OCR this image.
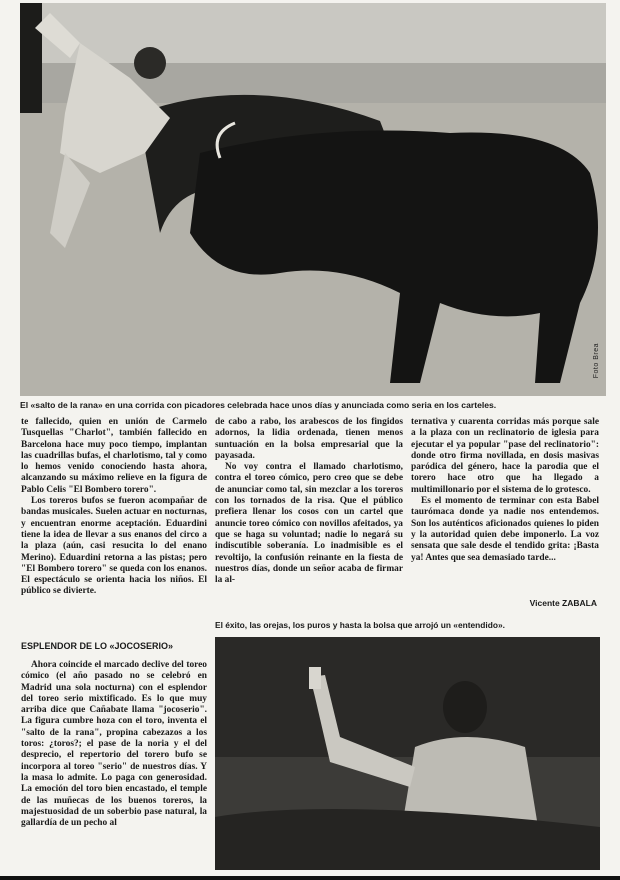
Foto Brea
El «salto de la rana» en una corrida con picadores celebrada hace unos días y anunciada como seria en los carteles.

te fallecido, quien en unión de Carmelo Tusquellas "Charlot", también fallecido en Barcelona hace muy poco tiempo, implantan las cuadrillas bufas, el charlotismo, tal y como lo hemos venido conociendo hasta ahora, alcanzando su máximo relieve en la figura de Pablo Celis "El Bombero torero".

Los toreros bufos se fueron acompañar de bandas musicales. Suelen actuar en nocturnas, y encuentran enorme aceptación. Eduardini tiene la idea de llevar a sus enanos del circo a la plaza (aún, casi resucita lo del enano Merino). Eduardini retorna a las pistas; pero "El Bombero torero" se queda con los enanos. El espectáculo se orienta hacia los niños. El público se divierte.

de cabo a rabo, los arabescos de los fingidos adornos, la lidia ordenada, tienen menos suntuación en la bolsa empresarial que la payasada.

No voy contra el llamado charlotismo, contra el toreo cómico, pero creo que se debe de anunciar como tal, sin mezclar a los toreros con los tornados de la risa. Que el público prefiera llenar los cosos con un cartel que anuncie toreo cómico con novillos afeitados, ya que se haga su voluntad; nadie lo negará su indiscutible soberanía. Lo inadmisible es el revoltijo, la confusión reinante en la fiesta de nuestros días, donde un señor acaba de firmar la al-

ternativa y cuarenta corridas más porque sale a la plaza con un reclinatorio de iglesia para ejecutar el ya popular "pase del reclinatorio": donde otro firma novillada, en dosis masivas paródica del género, hace la parodia que el torero hace otro que ha llegado a multimillonario por el sistema de lo grotesco.

Es el momento de terminar con esta Babel taurómaca donde ya nadie nos entendemos. Son los auténticos aficionados quienes lo piden y la autoridad quien debe imponerlo. La voz sensata que sale desde el tendido grita: ¡Basta ya! Antes que sea demasiado tarde...

Vicente ZABALA
ESPLENDOR DE LO «JOCOSERIO»

Ahora coincide el marcado declive del toreo cómico (el año pasado no se celebró en Madrid una sola nocturna) con el esplendor del toreo serio mixtificado. Es lo que muy arriba dice que Cañabate llama "jocoserio". La figura cumbre hoza con el toro, inventa el "salto de la rana", propina cabezazos a los toros: ¿toros?; el pase de la noria y el del desprecio, el repertorio del torero bufo se incorpora al toreo "serio" de nuestros días. Y la masa lo admite. Lo paga con generosidad. La emoción del toro bien encastado, el temple de las muñecas de los buenos toreros, la majestuosidad de un soberbio pase natural, la gallardía de un pecho al

El éxito, las orejas, los puros y hasta la bolsa que arrojó un «entendido».
